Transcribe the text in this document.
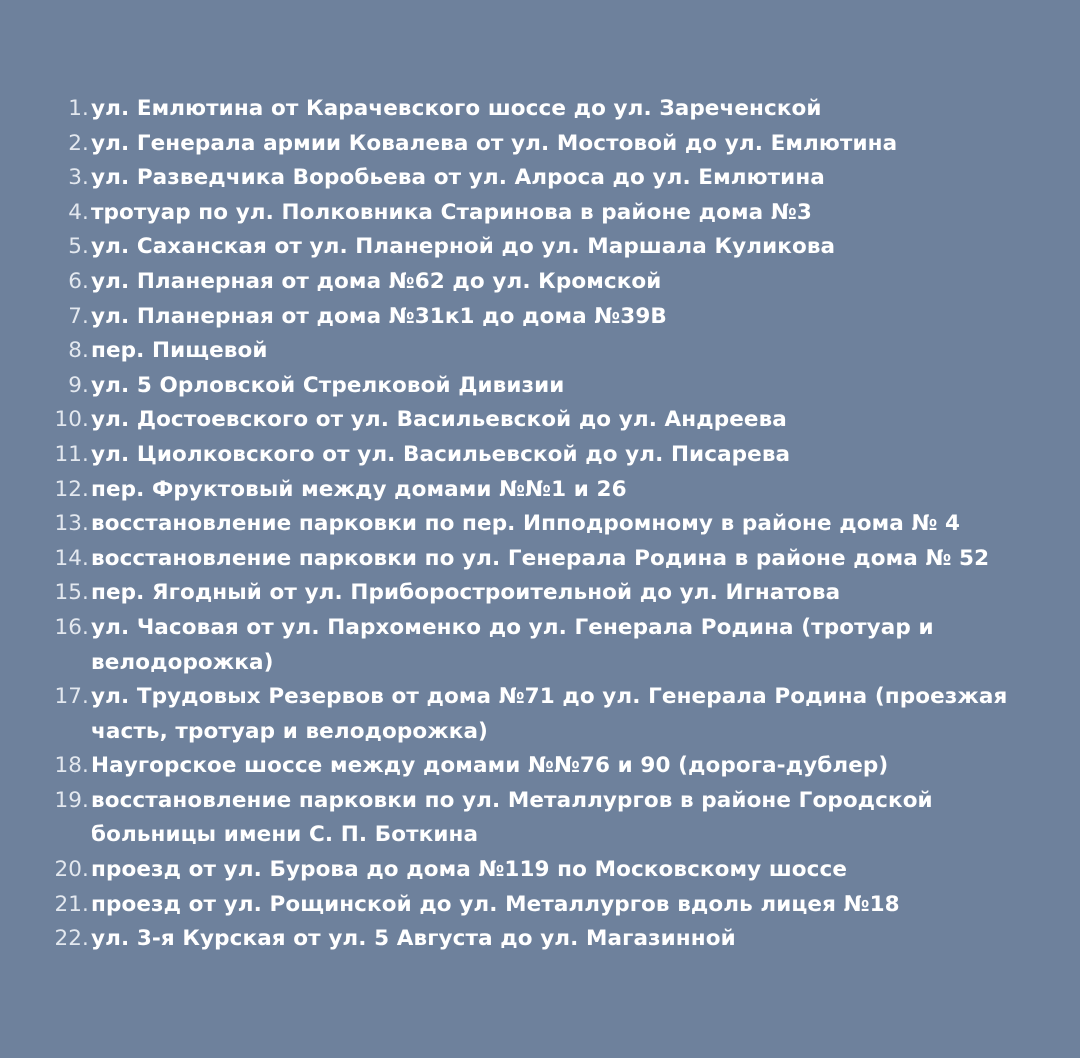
1. ул. Емлютина от Карачевского шоссе до ул. Зареченской
2. ул. Генерала армии Ковалева от ул. Мостовой до ул. Емлютина
3. ул. Разведчика Воробьева от ул. Алроса до ул. Емлютина
4. тротуар по ул. Полковника Старинова в районе дома №3
5. ул. Саханская от ул. Планерной до ул. Маршала Куликова
6. ул. Планерная от дома №62 до ул. Кромской
7. ул. Планерная от дома №31к1 до дома №39В
8. пер. Пищевой
9. ул. 5 Орловской Стрелковой Дивизии
10. ул. Достоевского от ул. Васильевской до ул. Андреева
11. ул. Циолковского от ул. Васильевской до ул. Писарева
12. пер. Фруктовый между домами №№1 и 26
13. восстановление парковки по пер. Ипподромному в районе дома № 4
14. восстановление парковки по ул. Генерала Родина в районе дома № 52
15. пер. Ягодный от ул. Приборостроительной до ул. Игнатова
16. ул. Часовая от ул. Пархоменко до ул. Генерала Родина (тротуар и велодорожка)
17. ул. Трудовых Резервов от дома №71 до ул. Генерала Родина (проезжая часть, тротуар и велодорожка)
18. Наугорское шоссе между домами №№76 и 90 (дорога-дублер)
19. восстановление парковки по ул. Металлургов в районе Городской больницы имени С. П. Боткина
20. проезд от ул. Бурова до дома №119 по Московскому шоссе
21. проезд от ул. Рощинской до ул. Металлургов вдоль лицея №18
22. ул. 3-я Курская от ул. 5 Августа до ул. Магазинной
